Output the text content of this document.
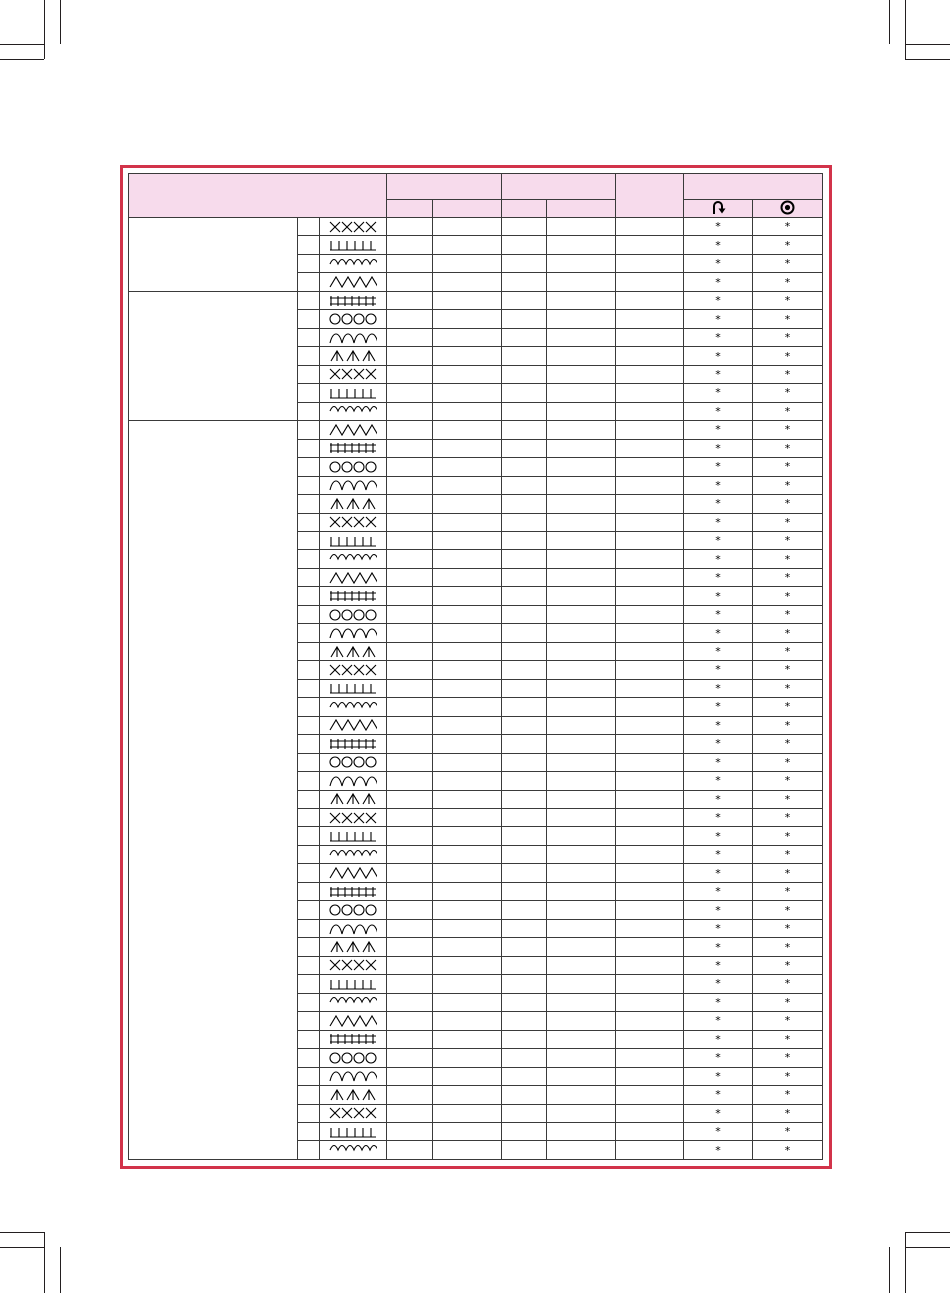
						*	*

						*	*

						*	*

						*	*

						*	*

						*	*

						*	*

						*	*

						*	*

						*	*

						*	*

						*	*

						*	*

						*	*

						*	*

						*	*

						*	*

						*	*

						*	*

						*	*

						*	*

						*	*

						*	*

						*	*

						*	*

						*	*

						*	*

						*	*

						*	*

						*	*

						*	*

						*	*

						*	*

						*	*

						*	*

						*	*

						*	*

						*	*

						*	*

						*	*

						*	*

						*	*

						*	*

						*	*

						*	*

						*	*

						*	*

						*	*

						*	*

						*	*

						*	*
